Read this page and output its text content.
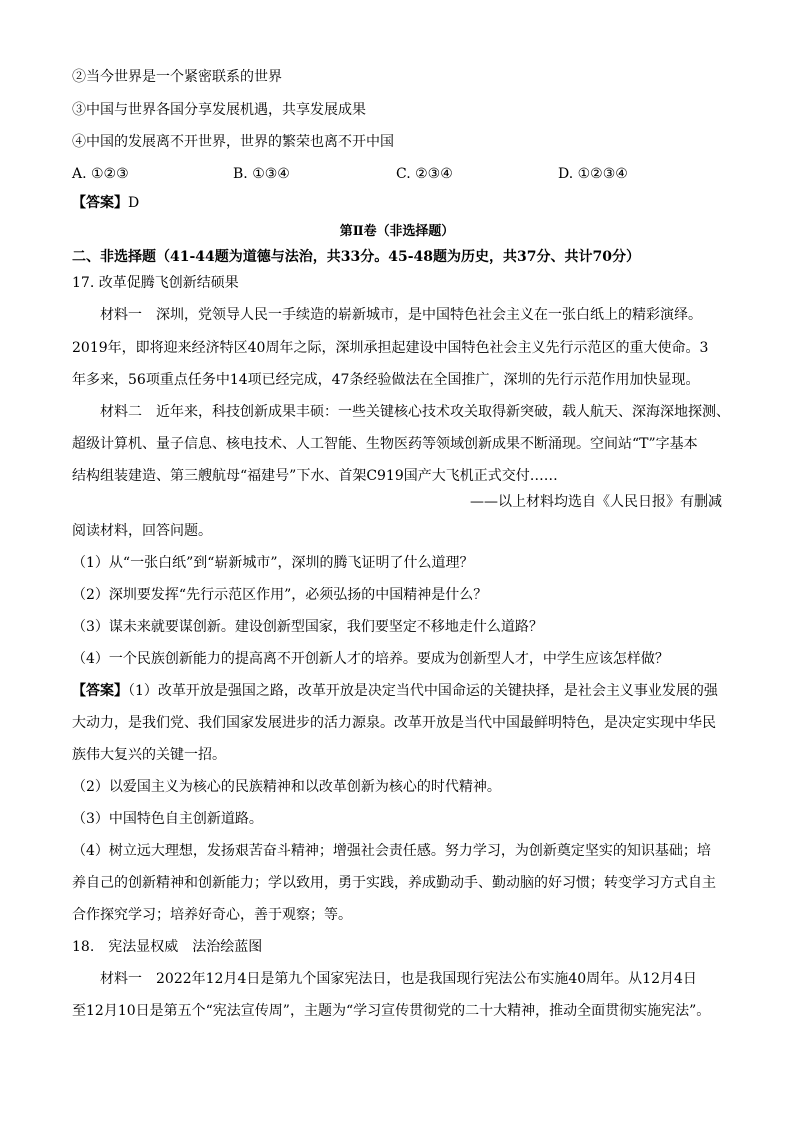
②当今世界是一个紧密联系的世界
③中国与世界各国分享发展机遇，共享发展成果
④中国的发展离不开世界，世界的繁荣也离不开中国
A. ①②③	B. ①③④	C. ②③④	D. ①②③④
【答案】D
第Ⅱ卷（非选择题）
二、非选择题（41-44题为道德与法治，共33分。45-48题为历史，共37分、共计70分）
17. 改革促腾飞创新结硕果
材料一　深圳，党领导人民一手续造的崭新城市，是中国特色社会主义在一张白纸上的精彩演绎。
2019年，即将迎来经济特区40周年之际，深圳承担起建设中国特色社会主义先行示范区的重大使命。3
年多来，56项重点任务中14项已经完成，47条经验做法在全国推广，深圳的先行示范作用加快显现。
材料二　近年来，科技创新成果丰硕：一些关键核心技术攻关取得新突破，载人航天、深海深地探测、
超级计算机、量子信息、核电技术、人工智能、生物医药等领域创新成果不断涌现。空间站“T”字基本
结构组装建造、第三艘航母“福建号”下水、首架C919国产大飞机正式交付……
——以上材料均选自《人民日报》有删减
阅读材料，回答问题。
（1）从“一张白纸”到“崭新城市”，深圳的腾飞证明了什么道理？
（2）深圳要发挥“先行示范区作用”，必须弘扬的中国精神是什么？
（3）谋未来就要谋创新。建设创新型国家，我们要坚定不移地走什么道路？
（4）一个民族创新能力的提高离不开创新人才的培养。要成为创新型人才，中学生应该怎样做？
【答案】（1）改革开放是强国之路，改革开放是决定当代中国命运的关键抉择，是社会主义事业发展的强
大动力，是我们党、我们国家发展进步的活力源泉。改革开放是当代中国最鲜明特色，是决定实现中华民
族伟大复兴的关键一招。
（2）以爱国主义为核心的民族精神和以改革创新为核心的时代精神。
（3）中国特色自主创新道路。
（4）树立远大理想，发扬艰苦奋斗精神；增强社会责任感。努力学习，为创新奠定坚实的知识基础；培
养自己的创新精神和创新能力；学以致用，勇于实践，养成勤动手、勤动脑的好习惯；转变学习方式自主
合作探究学习；培养好奇心，善于观察；等。
18.　宪法显权威　法治绘蓝图
材料一　2022年12月4日是第九个国家宪法日，也是我国现行宪法公布实施40周年。从12月4日
至12月10日是第五个“宪法宣传周”，主题为“学习宣传贯彻党的二十大精神，推动全面贯彻实施宪法”。
